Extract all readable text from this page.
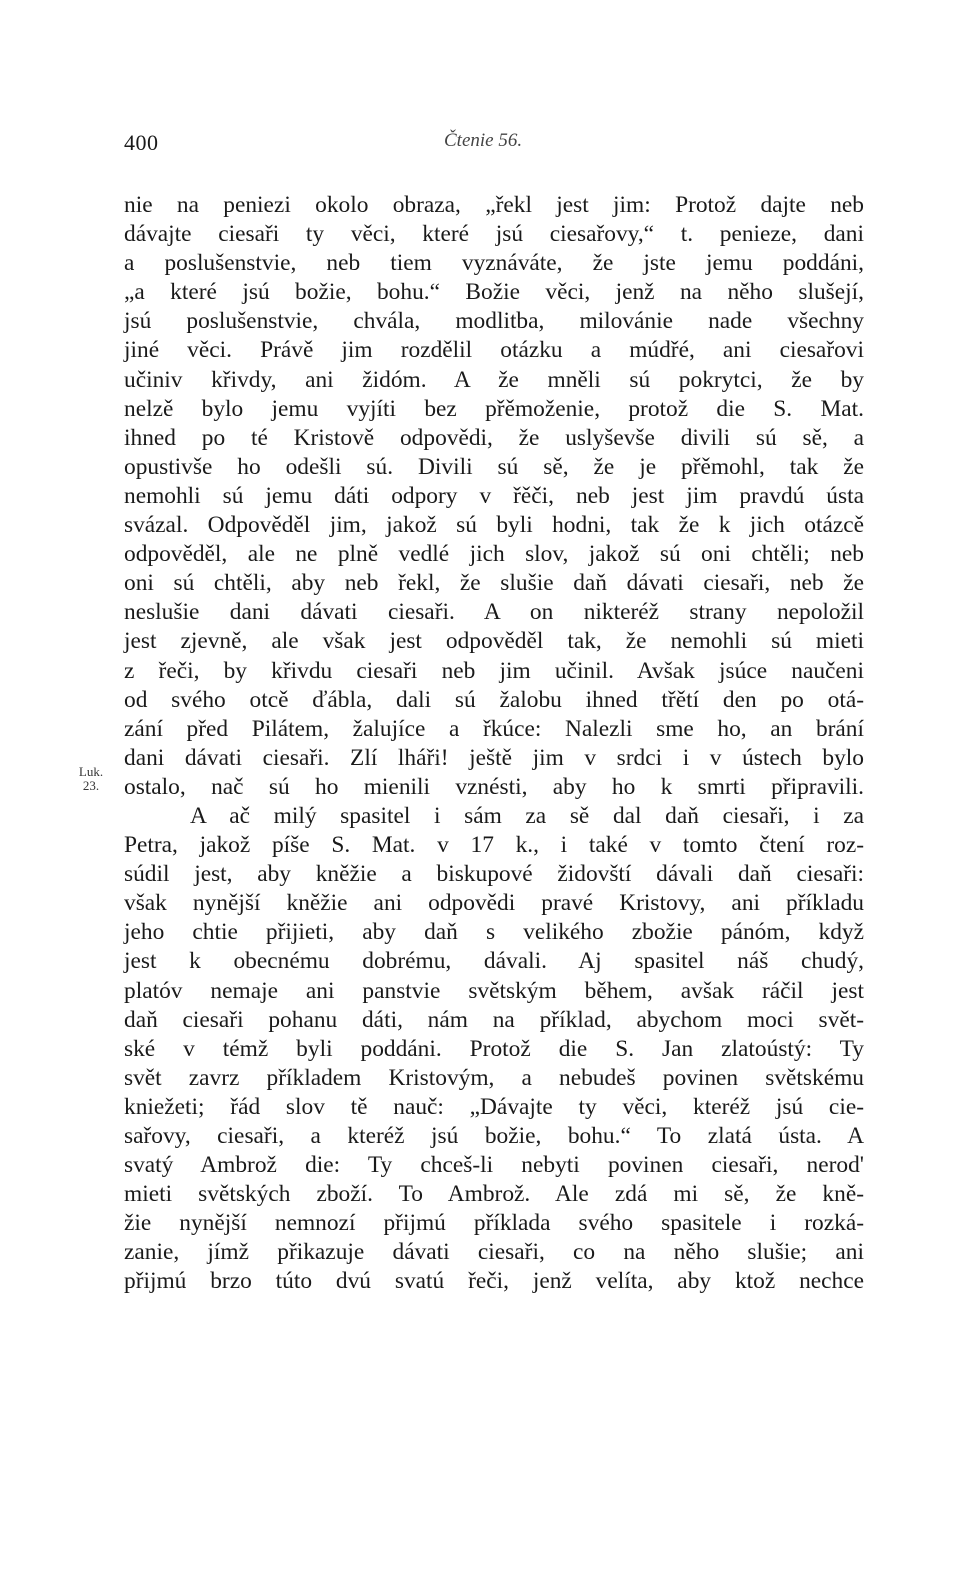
400	Čtenie 56.
Luk.
23.
nie na peniezi okolo obraza, „řekl jest jim: Protož dajte neb
dávajte ciesaři ty věci, které jsú ciesařovy,“ t. penieze, dani
a poslušenstvie, neb tiem vyznáváte, že jste jemu poddáni,
„a které jsú božie, bohu.“ Božie věci, jenž na něho slušejí,
jsú poslušenstvie, chvála, modlitba, milovánie nade všechny
jiné věci. Právě jim rozdělil otázku a múdřé, ani ciesařovi
učiniv křivdy, ani židóm. A že mněli sú pokrytci, že by
nelzě bylo jemu vyjíti bez přěmoženie, protož die S. Mat.
ihned po té Kristově odpovědi, že uslyševše divili sú sě, a
opustivše ho odešli sú. Divili sú sě, že je přěmohl, tak že
nemohli sú jemu dáti odpory v řěči, neb jest jim pravdú ústa
svázal. Odpověděl jim, jakož sú byli hodni, tak že k jich otázcě
odpověděl, ale ne plně vedlé jich slov, jakož sú oni chtěli; neb
oni sú chtěli, aby neb řekl, že slušie daň dávati ciesaři, neb že
neslušie dani dávati ciesaři. A on nikteréž strany nepoložil
jest zjevně, ale však jest odpověděl tak, že nemohli sú mieti
z řeči, by křivdu ciesaři neb jim učinil. Avšak jsúce naučeni
od svého otcě ďábla, dali sú žalobu ihned třětí den po otá-
zání před Pilátem, žalujíce a řkúce: Nalezli sme ho, an brání
dani dávati ciesaři. Zlí lháři! ještě jim v srdci i v ústech bylo
ostalo, nač sú ho mienili vznésti, aby ho k smrti připravili.
A ač milý spasitel i sám za sě dal daň ciesaři, i za
Petra, jakož píše S. Mat. v 17 k., i také v tomto čtení roz-
súdil jest, aby kněžie a biskupové židovští dávali daň ciesaři:
však nynější kněžie ani odpovědi pravé Kristovy, ani příkladu
jeho chtie přijieti, aby daň s velikého zbožie pánóm, když
jest k obecnému dobrému, dávali. Aj spasitel náš chudý,
platóv nemaje ani panstvie světským během, avšak ráčil jest
daň ciesaři pohanu dáti, nám na příklad, abychom moci svět-
ské v témž byli poddáni. Protož die S. Jan zlatoústý: Ty
svět zavrz příkladem Kristovým, a nebudeš povinen světskému
kniežeti; řád slov tě nauč: „Dávajte ty věci, kteréž jsú cie-
sařovy, ciesaři, a kteréž jsú božie, bohu.“ To zlatá ústa. A
svatý Ambrož die: Ty chceš-li nebyti povinen ciesaři, nerod'
mieti světských zboží. To Ambrož. Ale zdá mi sě, že kně-
žie nynější nemnozí přijmú příklada svého spasitele i rozká-
zanie, jímž přikazuje dávati ciesaři, co na něho slušie; ani
přijmú brzo túto dvú svatú řeči, jenž velíta, aby ktož nechce
